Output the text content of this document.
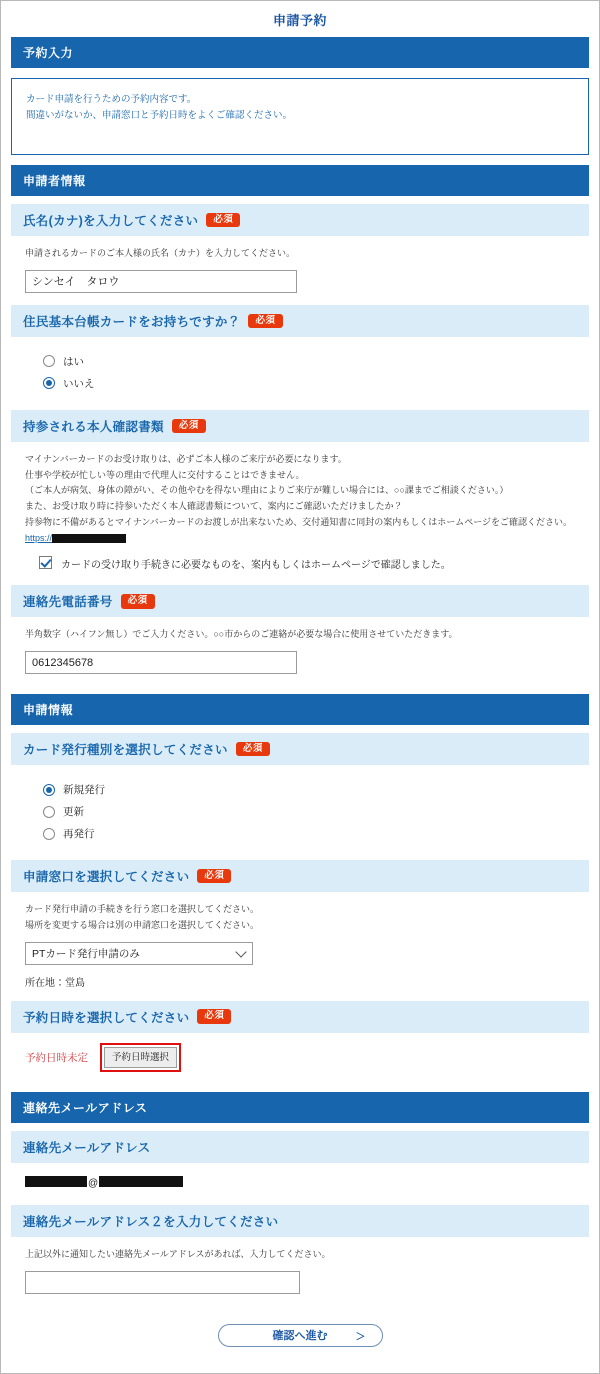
申請予約
予約入力
カード申請を行うための予約内容です。
間違いがないか、申請窓口と予約日時をよくご確認ください。
申請者情報
氏名(カナ)を入力してください	必須
申請されるカードのご本人様の氏名（カナ）を入力してください。
シンセイ　タロウ
住民基本台帳カードをお持ちですか？	必須
はい
いいえ
持参される本人確認書類	必須
マイナンバーカードのお受け取りは、必ずご本人様のご来庁が必要になります。
仕事や学校が忙しい等の理由で代理人に交付することはできません。
（ご本人が病気、身体の障がい、その他やむを得ない理由によりご来庁が難しい場合には、○○課までご相談ください。）
また、お受け取り時に持参いただく本人確認書類について、案内にご確認いただけましたか？
持参物に不備があるとマイナンバーカードのお渡しが出来ないため、交付通知書に同封の案内もしくはホームページをご確認ください。
https://
カードの受け取り手続きに必要なものを、案内もしくはホームページで確認しました。
連絡先電話番号	必須
半角数字（ハイフン無し）でご入力ください。○○市からのご連絡が必要な場合に使用させていただきます。
0612345678
申請情報
カード発行種別を選択してください	必須
新規発行
更新
再発行
申請窓口を選択してください	必須
カード発行申請の手続きを行う窓口を選択してください。
場所を変更する場合は別の申請窓口を選択してください。
PTカード発行申請のみ
所在地：堂島
予約日時を選択してください	必須
予約日時未定	予約日時選択
連絡先メールアドレス
連絡先メールアドレス
@
連絡先メールアドレス２を入力してください
上記以外に通知したい連絡先メールアドレスがあれば、入力してください。
確認へ進む	＞
